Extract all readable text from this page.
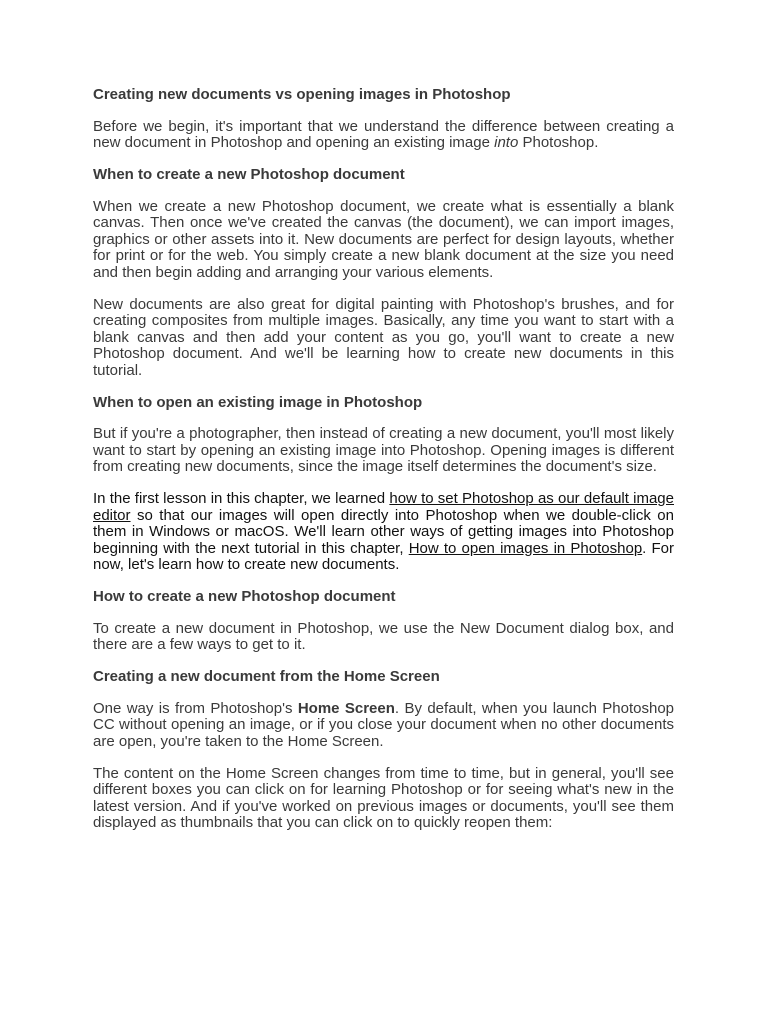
Creating new documents vs opening images in Photoshop
Before we begin, it's important that we understand the difference between creating a new document in Photoshop and opening an existing image into Photoshop.
When to create a new Photoshop document
When we create a new Photoshop document, we create what is essentially a blank canvas. Then once we've created the canvas (the document), we can import images, graphics or other assets into it. New documents are perfect for design layouts, whether for print or for the web. You simply create a new blank document at the size you need and then begin adding and arranging your various elements.
New documents are also great for digital painting with Photoshop's brushes, and for creating composites from multiple images. Basically, any time you want to start with a blank canvas and then add your content as you go, you'll want to create a new Photoshop document. And we'll be learning how to create new documents in this tutorial.
When to open an existing image in Photoshop
But if you're a photographer, then instead of creating a new document, you'll most likely want to start by opening an existing image into Photoshop. Opening images is different from creating new documents, since the image itself determines the document's size.
In the first lesson in this chapter, we learned how to set Photoshop as our default image editor so that our images will open directly into Photoshop when we double-click on them in Windows or macOS. We'll learn other ways of getting images into Photoshop beginning with the next tutorial in this chapter, How to open images in Photoshop. For now, let's learn how to create new documents.
How to create a new Photoshop document
To create a new document in Photoshop, we use the New Document dialog box, and there are a few ways to get to it.
Creating a new document from the Home Screen
One way is from Photoshop's Home Screen. By default, when you launch Photoshop CC without opening an image, or if you close your document when no other documents are open, you're taken to the Home Screen.
The content on the Home Screen changes from time to time, but in general, you'll see different boxes you can click on for learning Photoshop or for seeing what's new in the latest version. And if you've worked on previous images or documents, you'll see them displayed as thumbnails that you can click on to quickly reopen them:
